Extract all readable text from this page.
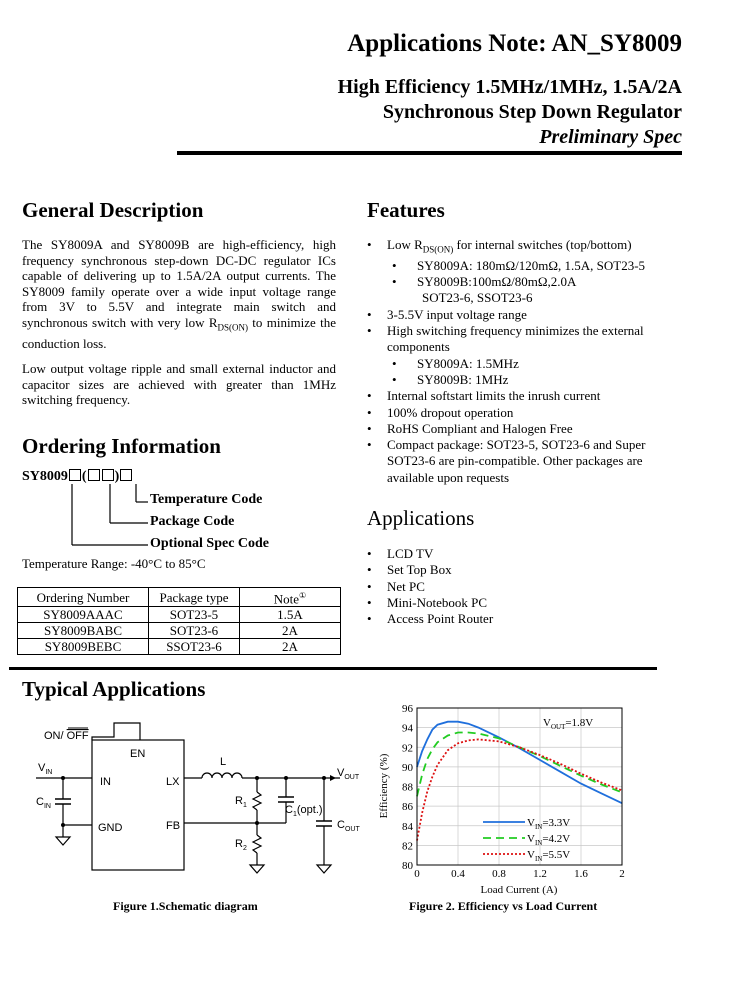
Applications Note: AN_SY8009
High Efficiency 1.5MHz/1MHz, 1.5A/2A
Synchronous Step Down Regulator
Preliminary Spec
General Description
The SY8009A and SY8009B are high-efficiency, high frequency synchronous step-down DC-DC regulator ICs capable of delivering up to 1.5A/2A output currents. The SY8009 family operate over a wide input voltage range from 3V to 5.5V and integrate main switch and synchronous switch with very low $R_{DS(ON)}$ to minimize the conduction loss.
Low output voltage ripple and small external inductor and capacitor sizes are achieved with greater than 1MHz switching frequency.
Ordering Information
SY8009 ( )
Temperature Code
Package Code
Optional Spec Code
Temperature Range: -40°C to 85°C
Ordering Number	Package type	Note①
SY8009AAAC	SOT23-5	1.5A
SY8009BABC	SOT23-6	2A
SY8009BEBC	SSOT23-6	2A
Features
• Low $R_{DS(ON)}$ for internal switches (top/bottom)
• SY8009A: 180mΩ/120mΩ, 1.5A, SOT23-5
• SY8009B:100mΩ/80mΩ,2.0A
SOT23-6, SSOT23-6
• 3-5.5V input voltage range
• High switching frequency minimizes the external components
• SY8009A: 1.5MHz
• SY8009B: 1MHz
• Internal softstart limits the inrush current
• 100% dropout operation
• RoHS Compliant and Halogen Free
• Compact package: SOT23-5, SOT23-6 and Super SOT23-6 are pin-compatible. Other packages are available upon requests
Applications
• LCD TV
• Set Top Box
• Net PC
• Mini-Notebook PC
• Access Point Router
Typical Applications
ON/ OFF
EN
IN	LX
GND	FB
$V_{IN}$
$C_{IN}$
L
$V_{OUT}$
$R_1$
$R_2$
$C_1(opt.)$
$C_{OUT}$
Figure 1.Schematic diagram
0	0.4 0.8 1.2 1.6	2
80
82
84
86
88
90
92
94
96
Efficiency (%)
Load Current (A)
$V_{OUT}=1.8V$
$V_{IN}=3.3V$
$V_{IN}=4.2V$
$V_{IN}=5.5V$
Figure 2. Efficiency vs Load Current
